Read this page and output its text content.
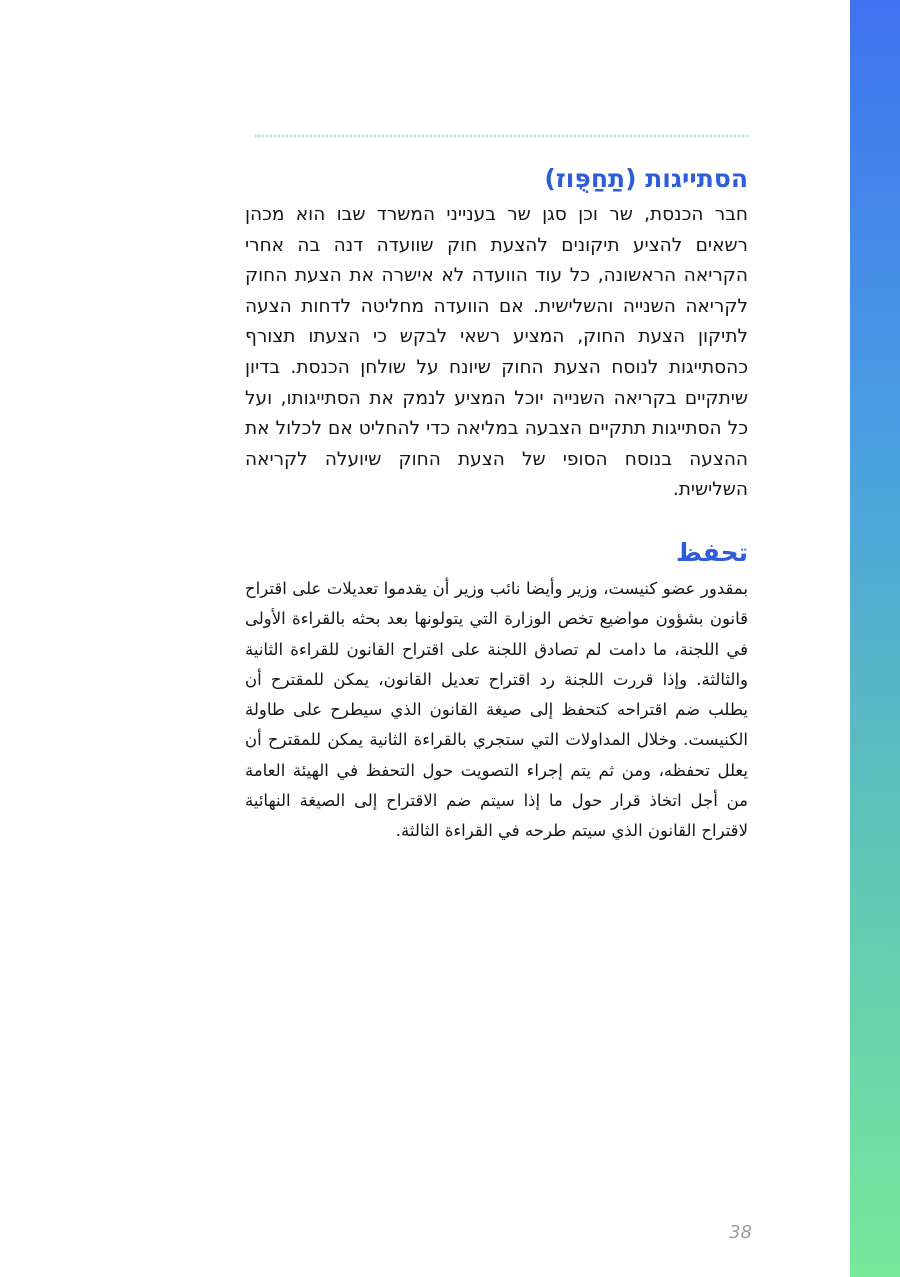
הסתייגות (תַחַפֻּוז)

חבר הכנסת, שר וכן סגן שר בענייני המשרד שבו הוא מכהן רשאים להציע תיקונים להצעת חוק שוועדה דנה בה אחרי הקריאה הראשונה, כל עוד הוועדה לא אישרה את הצעת החוק לקריאה השנייה והשלישית. אם הוועדה מחליטה לדחות הצעה לתיקון הצעת החוק, המציע רשאי לבקש כי הצעתו תצורף כהסתייגות לנוסח הצעת החוק שיונח על שולחן הכנסת. בדיון שיתקיים בקריאה השנייה יוכל המציע לנמק את הסתייגותו, ועל כל הסתייגות תתקיים הצבעה במליאה כדי להחליט אם לכלול את ההצעה בנוסח הסופי של הצעת החוק שיועלה לקריאה השלישית.

تحفظ

بمقدور عضو كنيست، وزير وأيضا نائب وزير أن يقدموا تعديلات على اقتراح قانون بشؤون مواضيع تخص الوزارة التي يتولونها بعد بحثه بالقراءة الأولى في اللجنة، ما دامت لم تصادق اللجنة على اقتراح القانون للقراءة الثانية والثالثة. وإذا قررت اللجنة رد اقتراح تعديل القانون، يمكن للمقترح أن يطلب ضم اقتراحه كتحفظ إلى صيغة القانون الذي سيطرح على طاولة الكنيست. وخلال المداولات التي ستجري بالقراءة الثانية يمكن للمقترح أن يعلل تحفظه، ومن ثم يتم إجراء التصويت حول التحفظ في الهيئة العامة من أجل اتخاذ قرار حول ما إذا سيتم ضم الاقتراح إلى الصيغة النهائية لاقتراح القانون الذي سيتم طرحه في القراءة الثالثة.

38
